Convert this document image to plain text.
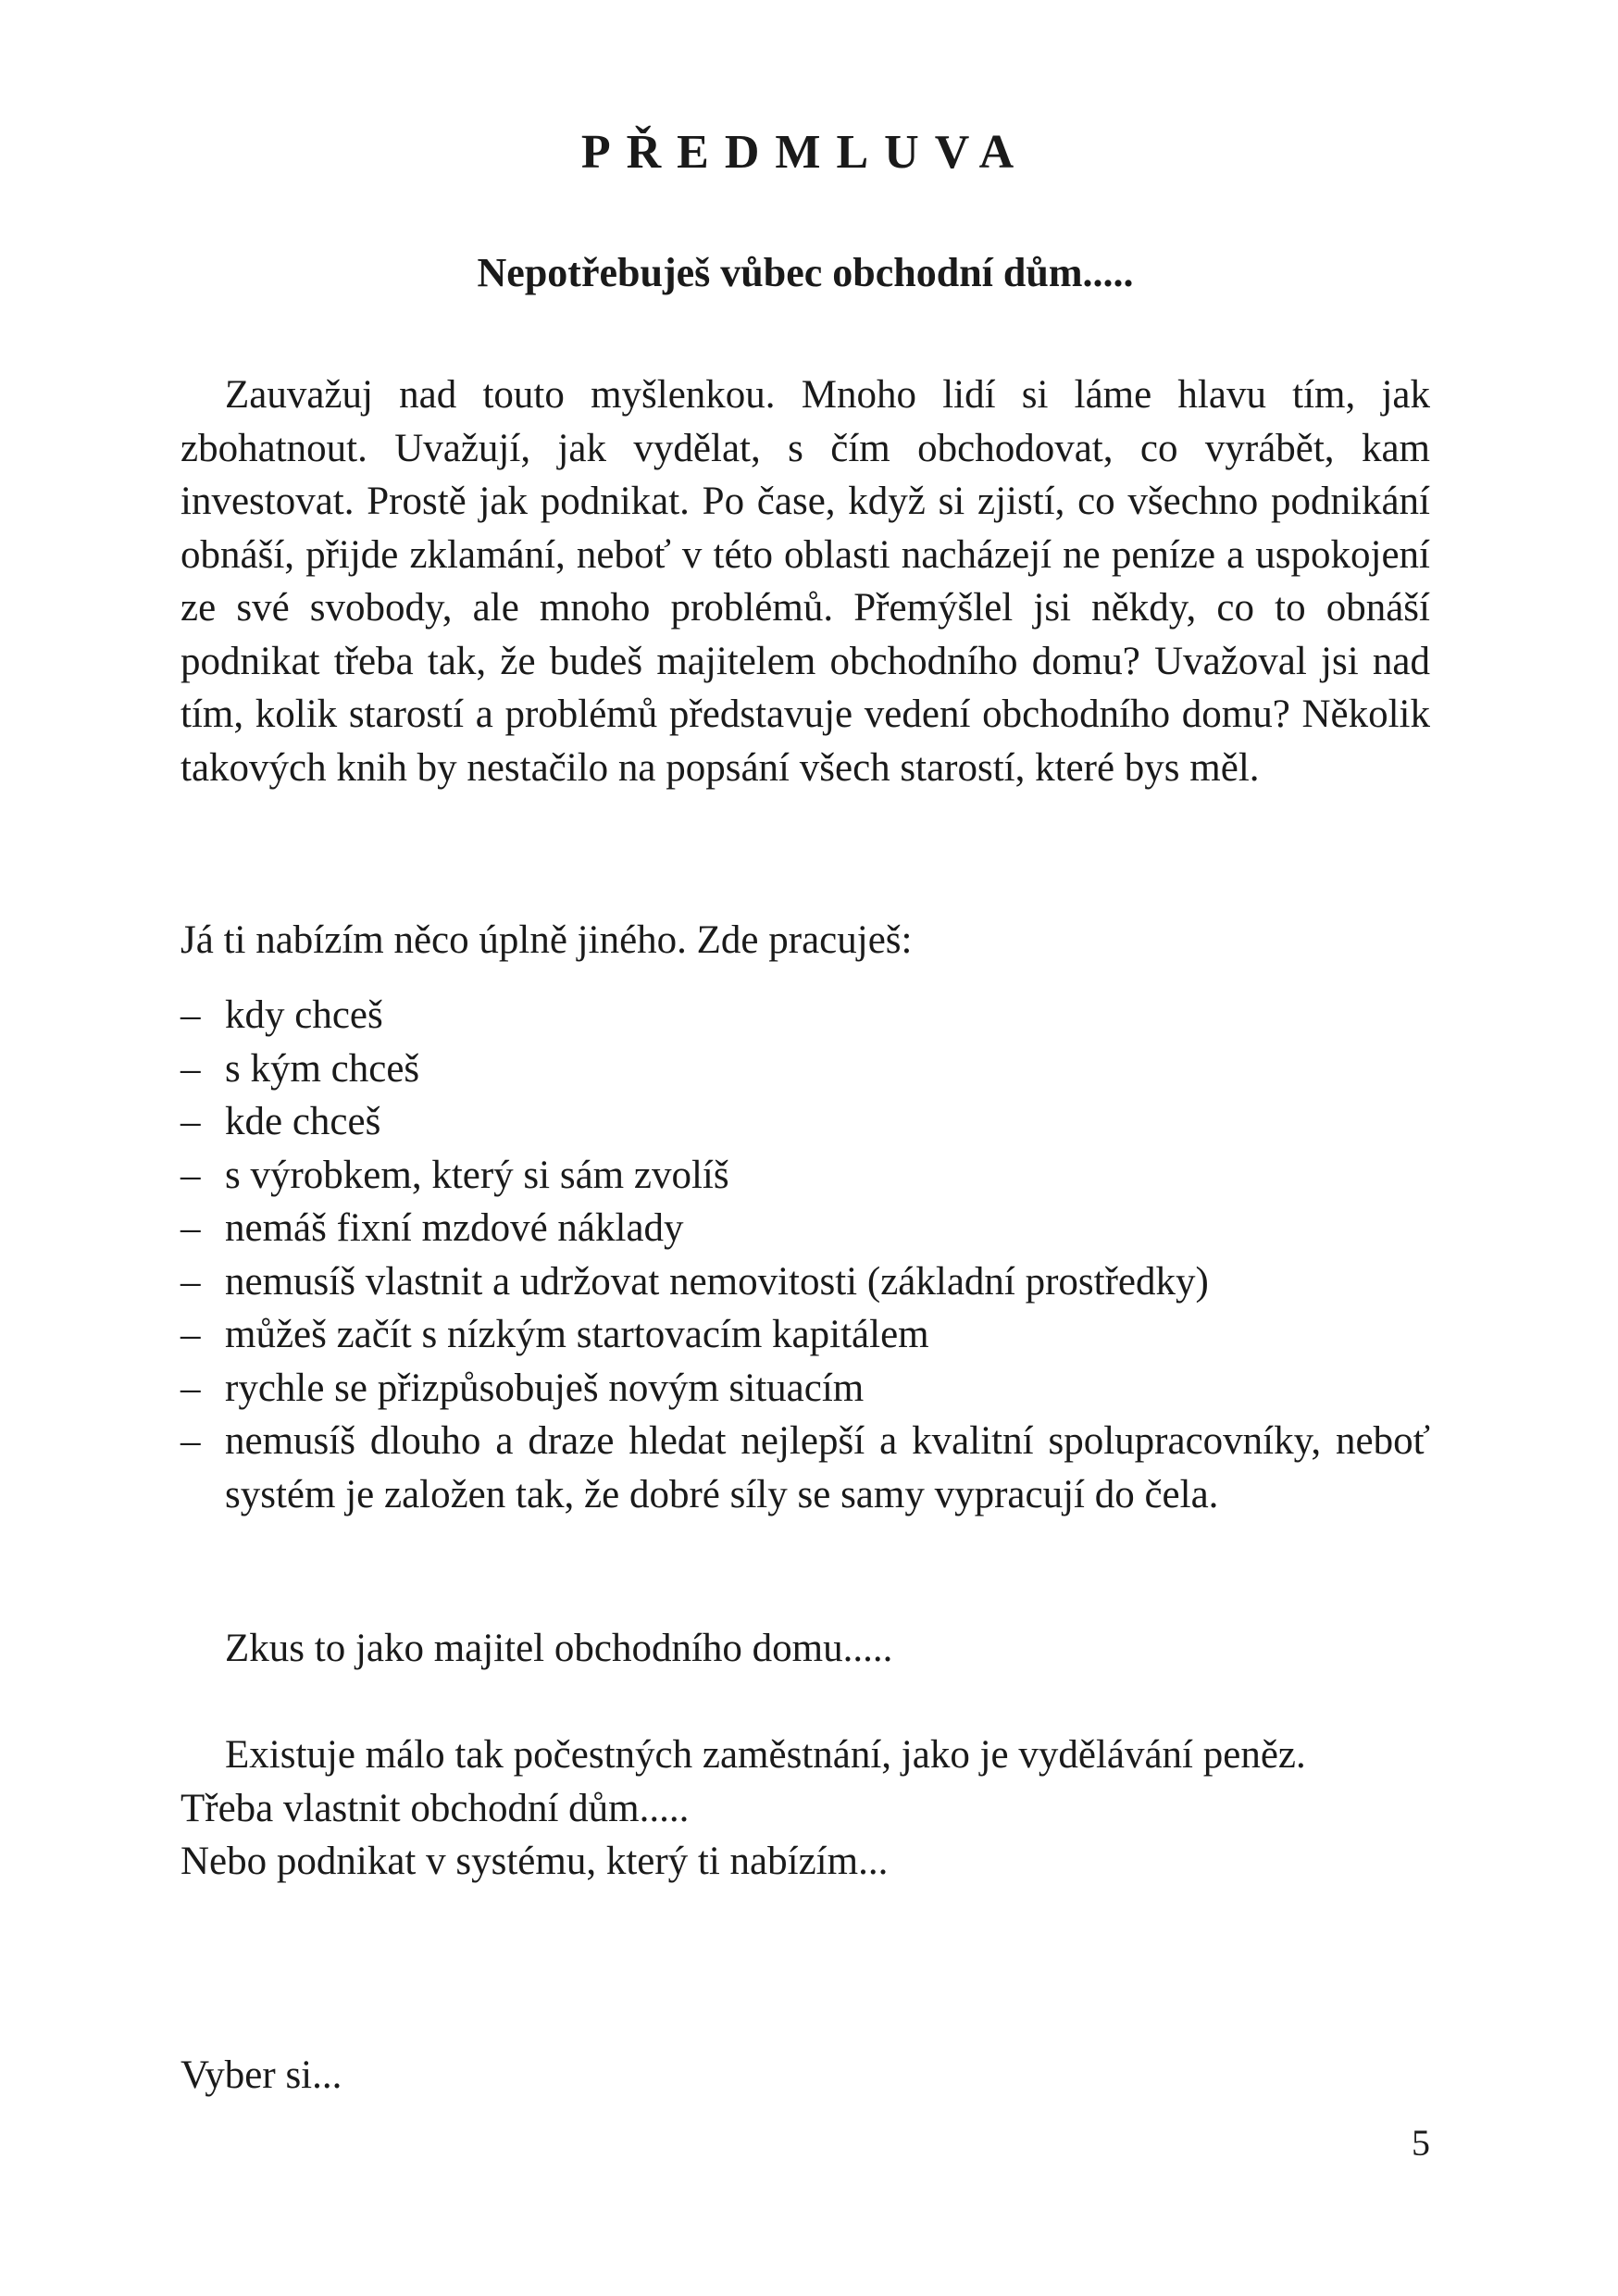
PŘEDMLUVA
Nepotřebuješ vůbec obchodní dům.....

Zauvažuj nad touto myšlenkou. Mnoho lidí si láme hlavu tím, jak zbohatnout. Uvažují, jak vydělat, s čím obchodovat, co vyrábět, kam investovat. Prostě jak podnikat. Po čase, když si zjistí, co všechno podnikání obnáší, přijde zklamání, neboť v této oblasti nacházejí ne peníze a uspokojení ze své svobody, ale mnoho problémů. Přemýšlel jsi někdy, co to obnáší podnikat třeba tak, že budeš majitelem obchodního domu? Uvažoval jsi nad tím, kolik starostí a problémů představuje vedení obchodního domu? Několik takových knih by nestačilo na popsání všech starostí, které bys měl.

Já ti nabízím něco úplně jiného. Zde pracuješ:

– kdy chceš
– s kým chceš
– kde chceš
– s výrobkem, který si sám zvolíš
– nemáš fixní mzdové náklady
– nemusíš vlastnit a udržovat nemovitosti (základní prostředky)
– můžeš začít s nízkým startovacím kapitálem
– rychle se přizpůsobuješ novým situacím
– nemusíš dlouho a draze hledat nejlepší a kvalitní spolupracovníky, neboť systém je založen tak, že dobré síly se samy vypracují do čela.

Zkus to jako majitel obchodního domu.....

Existuje málo tak počestných zaměstnání, jako je vydělávání peněz.

Třeba vlastnit obchodní dům.....

Nebo podnikat v systému, který ti nabízím...

Vyber si...

5
